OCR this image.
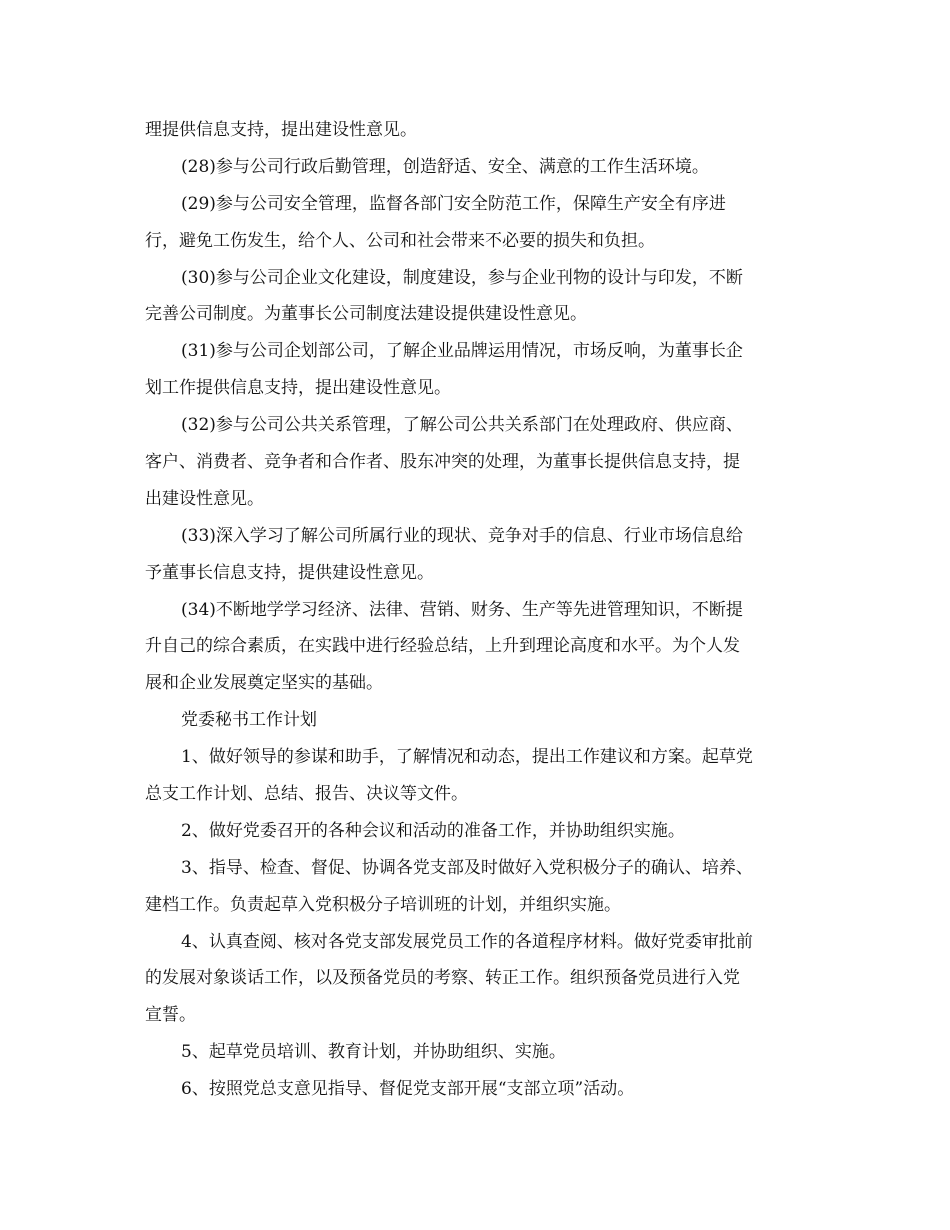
理提供信息支持，提出建设性意见。
(28)参与公司行政后勤管理，创造舒适、安全、满意的工作生活环境。
(29)参与公司安全管理，监督各部门安全防范工作，保障生产安全有序进
行，避免工伤发生，给个人、公司和社会带来不必要的损失和负担。
(30)参与公司企业文化建设，制度建设，参与企业刊物的设计与印发，不断
完善公司制度。为董事长公司制度法建设提供建设性意见。
(31)参与公司企划部公司，了解企业品牌运用情况，市场反响，为董事长企
划工作提供信息支持，提出建设性意见。
(32)参与公司公共关系管理，了解公司公共关系部门在处理政府、供应商、
客户、消费者、竞争者和合作者、股东冲突的处理，为董事长提供信息支持，提
出建设性意见。
(33)深入学习了解公司所属行业的现状、竞争对手的信息、行业市场信息给
予董事长信息支持，提供建设性意见。
(34)不断地学学习经济、法律、营销、财务、生产等先进管理知识，不断提
升自己的综合素质，在实践中进行经验总结，上升到理论高度和水平。为个人发
展和企业发展奠定坚实的基础。
党委秘书工作计划
1、做好领导的参谋和助手，了解情况和动态，提出工作建议和方案。起草党
总支工作计划、总结、报告、决议等文件。
2、做好党委召开的各种会议和活动的准备工作，并协助组织实施。
3、指导、检查、督促、协调各党支部及时做好入党积极分子的确认、培养、
建档工作。负责起草入党积极分子培训班的计划，并组织实施。
4、认真查阅、核对各党支部发展党员工作的各道程序材料。做好党委审批前
的发展对象谈话工作，以及预备党员的考察、转正工作。组织预备党员进行入党
宣誓。
5、起草党员培训、教育计划，并协助组织、实施。
6、按照党总支意见指导、督促党支部开展“支部立项”活动。
